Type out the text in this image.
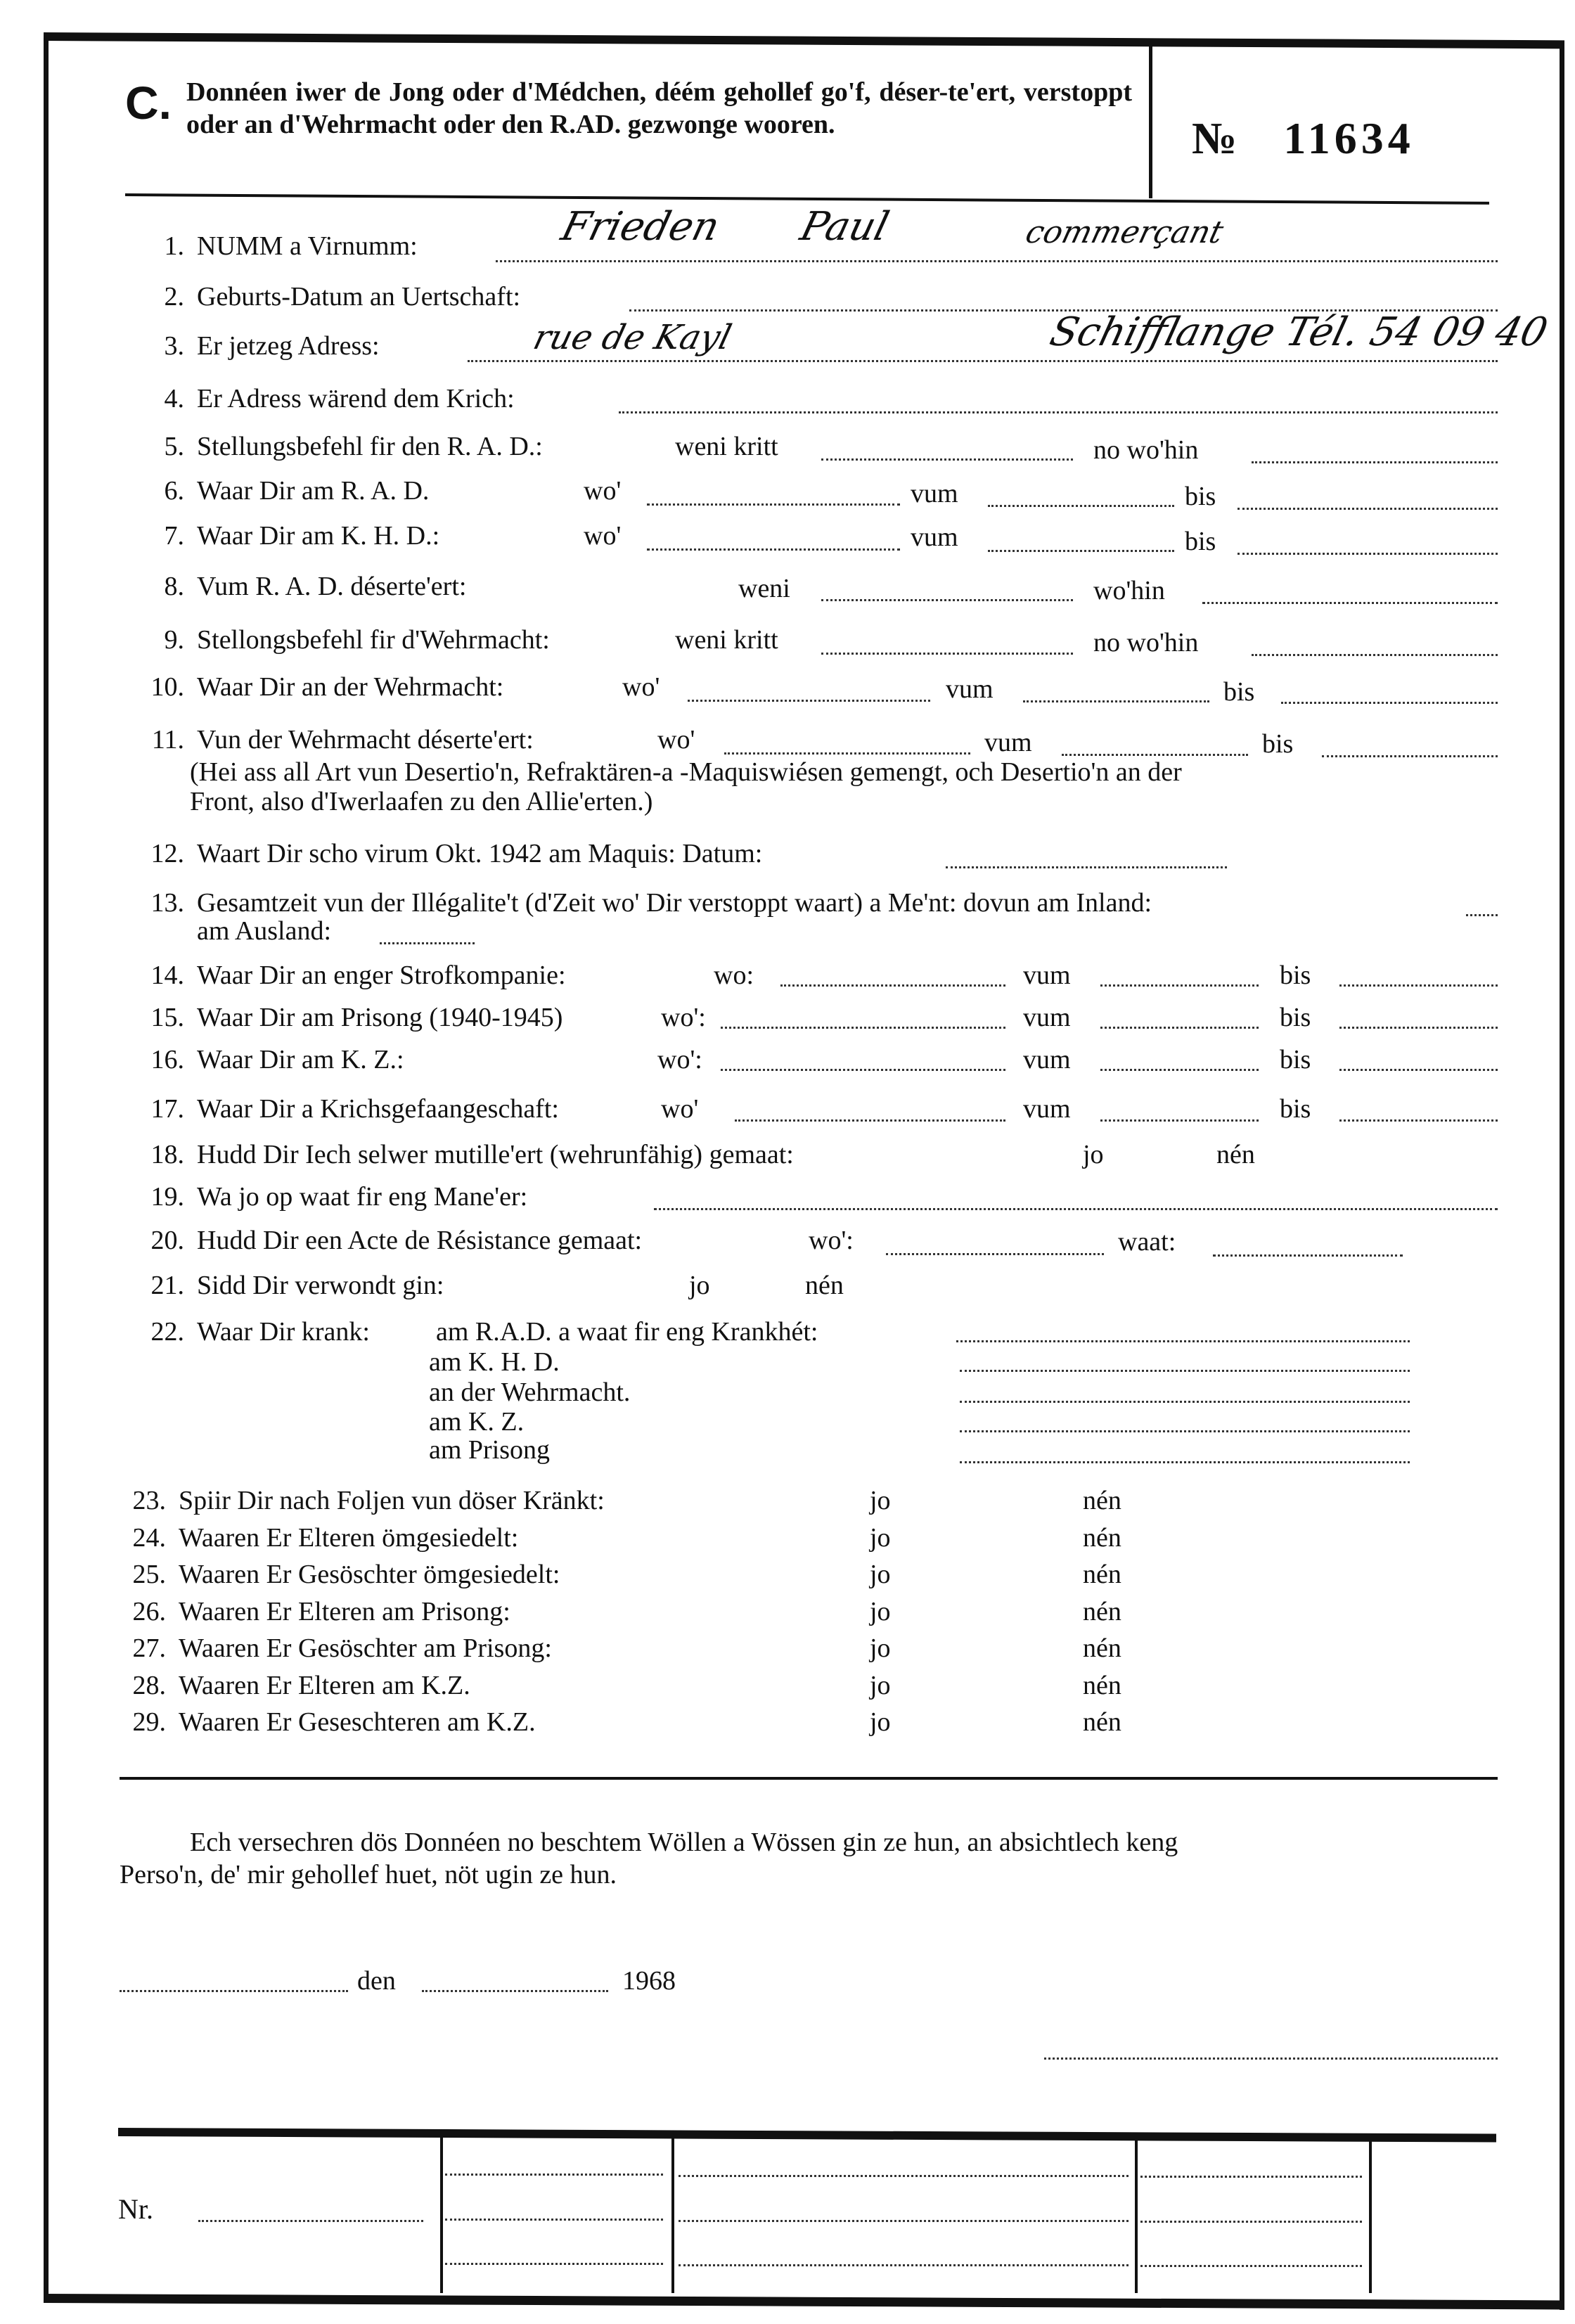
C. Donnéen iwer de Jong oder d'Médchen, déém gehollef go'f, déser-te'ert, verstoppt oder an d'Wehrmacht oder den R.AD. gezwonge wooren.	№ 11634
1. NUMM a Virnumm:	Frieden Paul	commerçant
2. Geburts-Datum an Uertschaft:
3. Er jetzeg Adress:	rue de Kayl	Schifflange Tél. 54 09 40
4. Er Adress wärend dem Krich:
5. Stellungsbefehl fir den R. A. D.:	weni kritt	no wo'hin
6. Waar Dir am R. A. D.	wo'	vum	bis
7. Waar Dir am K. H. D.:	wo'	vum	bis
8. Vum R. A. D. déserte'ert:	weni	wo'hin
9. Stellongsbefehl fir d'Wehrmacht:	weni kritt	no wo'hin
10. Waar Dir an der Wehrmacht:	wo'	vum	bis
11. Vun der Wehrmacht déserte'ert:	wo'	vum	bis
(Hei ass all Art vun Desertio'n, Refraktären-a -Maquiswiésen gemengt, och Desertio'n an der
Front, also d'Iwerlaafen zu den Allie'erten.)
12. Waart Dir scho virum Okt. 1942 am Maquis: Datum:
13. Gesamtzeit vun der Illégalite't (d'Zeit wo' Dir verstoppt waart) a Me'nt: dovun am Inland:
am Ausland:
14. Waar Dir an enger Strofkompanie:	wo:	vum	bis
15. Waar Dir am Prisong (1940-1945)	wo':	vum	bis
16. Waar Dir am K. Z.:	wo':	vum	bis
17. Waar Dir a Krichsgefaangeschaft:	wo'	vum	bis
18. Hudd Dir Iech selwer mutille'ert (wehrunfähig) gemaat:	jo	nén
19. Wa jo op waat fir eng Mane'er:
20. Hudd Dir een Acte de Résistance gemaat:	wo':	waat:
21. Sidd Dir verwondt gin:	jo	nén
22. Waar Dir krank: am R.A.D. a waat fir eng Krankhét:
am K. H. D.
an der Wehrmacht.
am K. Z.
am Prisong
23. Spiir Dir nach Foljen vun döser Kränkt:	jo	nén
24. Waaren Er Elteren ömgesiedelt:	jo	nén
25. Waaren Er Gesöschter ömgesiedelt:	jo	nén
26. Waaren Er Elteren am Prisong:	jo	nén
27. Waaren Er Gesöschter am Prisong:	jo	nén
28. Waaren Er Elteren am K.Z.	jo	nén
29. Waaren Er Geseschteren am K.Z.	jo	nén
Ech versechren dös Donnéen no beschtem Wöllen a Wössen gin ze hun, an absichtlech keng
Perso'n, de' mir gehollef huet, nöt ugin ze hun.
den	1968
Nr.
